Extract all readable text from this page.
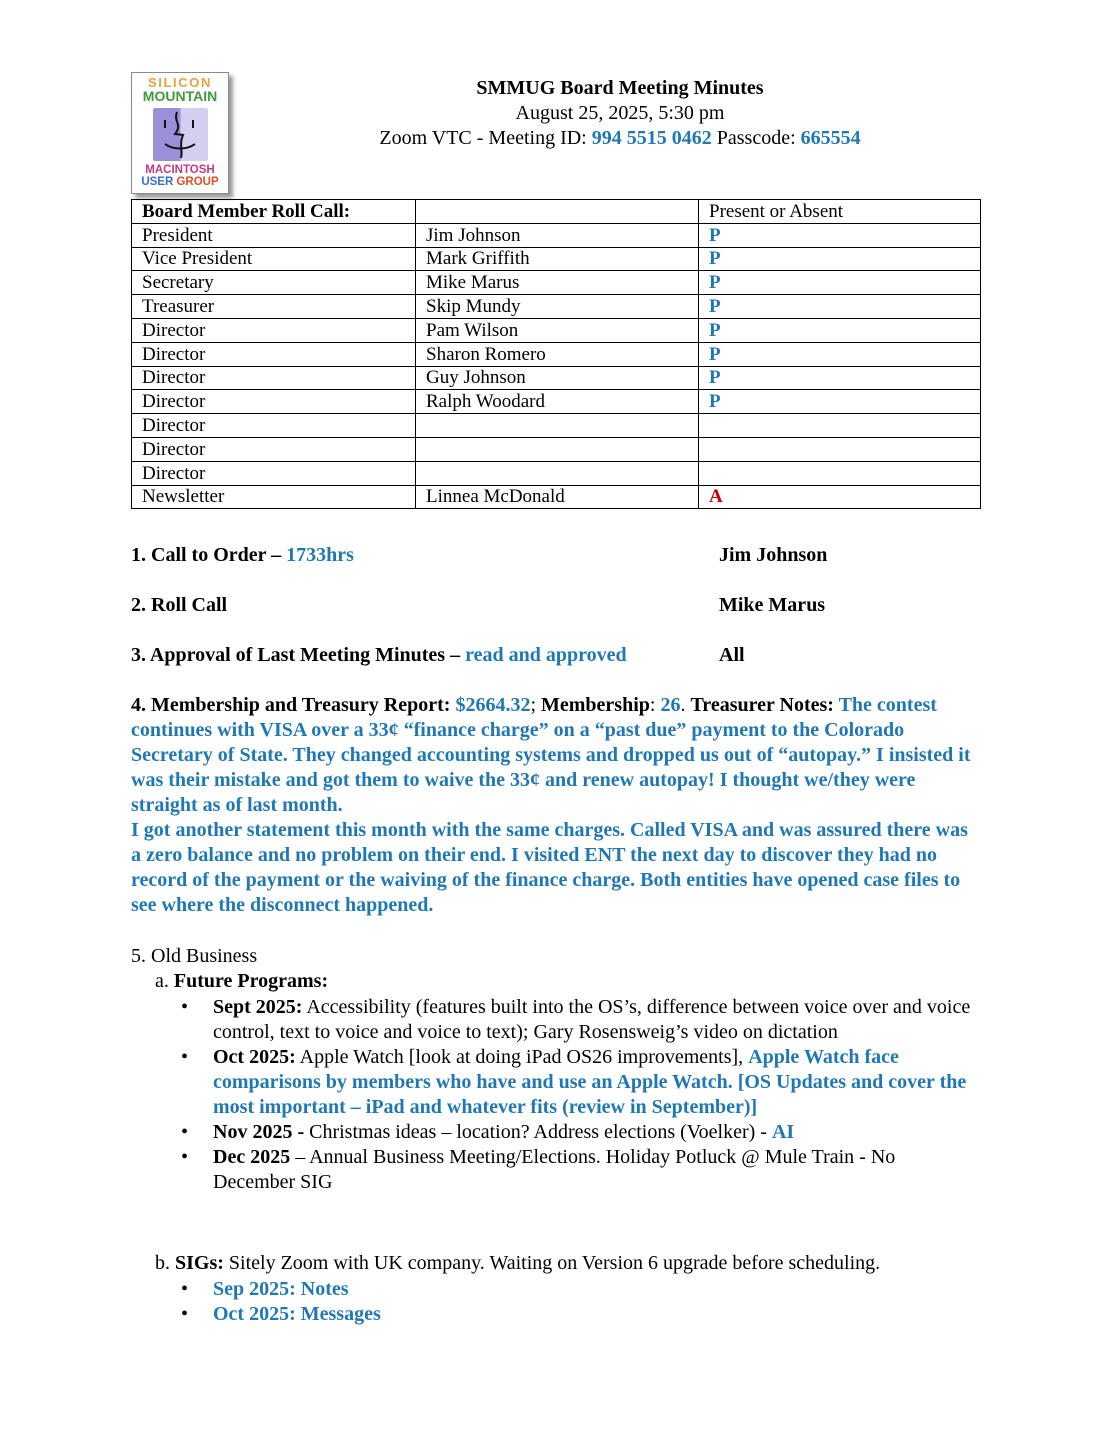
SILICON
MOUNTAIN
MACINTOSH
USER GROUP
SMMUG Board Meeting Minutes
August 25, 2025, 5:30 pm
Zoom VTC - Meeting ID: 994 5515 0462 Passcode: 665554
Board Member Roll Call:		Present or Absent
President	Jim Johnson	P
Vice President	Mark Griffith	P
Secretary	Mike Marus	P
Treasurer	Skip Mundy	P
Director	Pam Wilson	P
Director	Sharon Romero	P
Director	Guy Johnson	P
Director	Ralph Woodard	P
Director		
Director		
Director		
Newsletter	Linnea McDonald	A
1. Call to Order – 1733hrs	Jim Johnson
2. Roll Call	Mike Marus
3. Approval of Last Meeting Minutes – read and approved	All
4. Membership and Treasury Report: $2664.32; Membership: 26. Treasurer Notes: The contest continues with VISA over a 33¢ “finance charge” on a “past due” payment to the Colorado Secretary of State. They changed accounting systems and dropped us out of “autopay.” I insisted it was their mistake and got them to waive the 33¢ and renew autopay! I thought we/they were straight as of last month.
I got another statement this month with the same charges. Called VISA and was assured there was a zero balance and no problem on their end. I visited ENT the next day to discover they had no record of the payment or the waiving of the finance charge. Both entities have opened case files to see where the disconnect happened.
5. Old Business
a. Future Programs:
• Sept 2025: Accessibility (features built into the OS’s, difference between voice over and voice control, text to voice and voice to text); Gary Rosensweig’s video on dictation
• Oct 2025: Apple Watch [look at doing iPad OS26 improvements], Apple Watch face comparisons by members who have and use an Apple Watch. [OS Updates and cover the most important – iPad and whatever fits (review in September)]
• Nov 2025 - Christmas ideas – location? Address elections (Voelker) - AI
• Dec 2025 – Annual Business Meeting/Elections. Holiday Potluck @ Mule Train - No December SIG
b. SIGs: Sitely Zoom with UK company. Waiting on Version 6 upgrade before scheduling.
• Sep 2025: Notes
• Oct 2025: Messages
